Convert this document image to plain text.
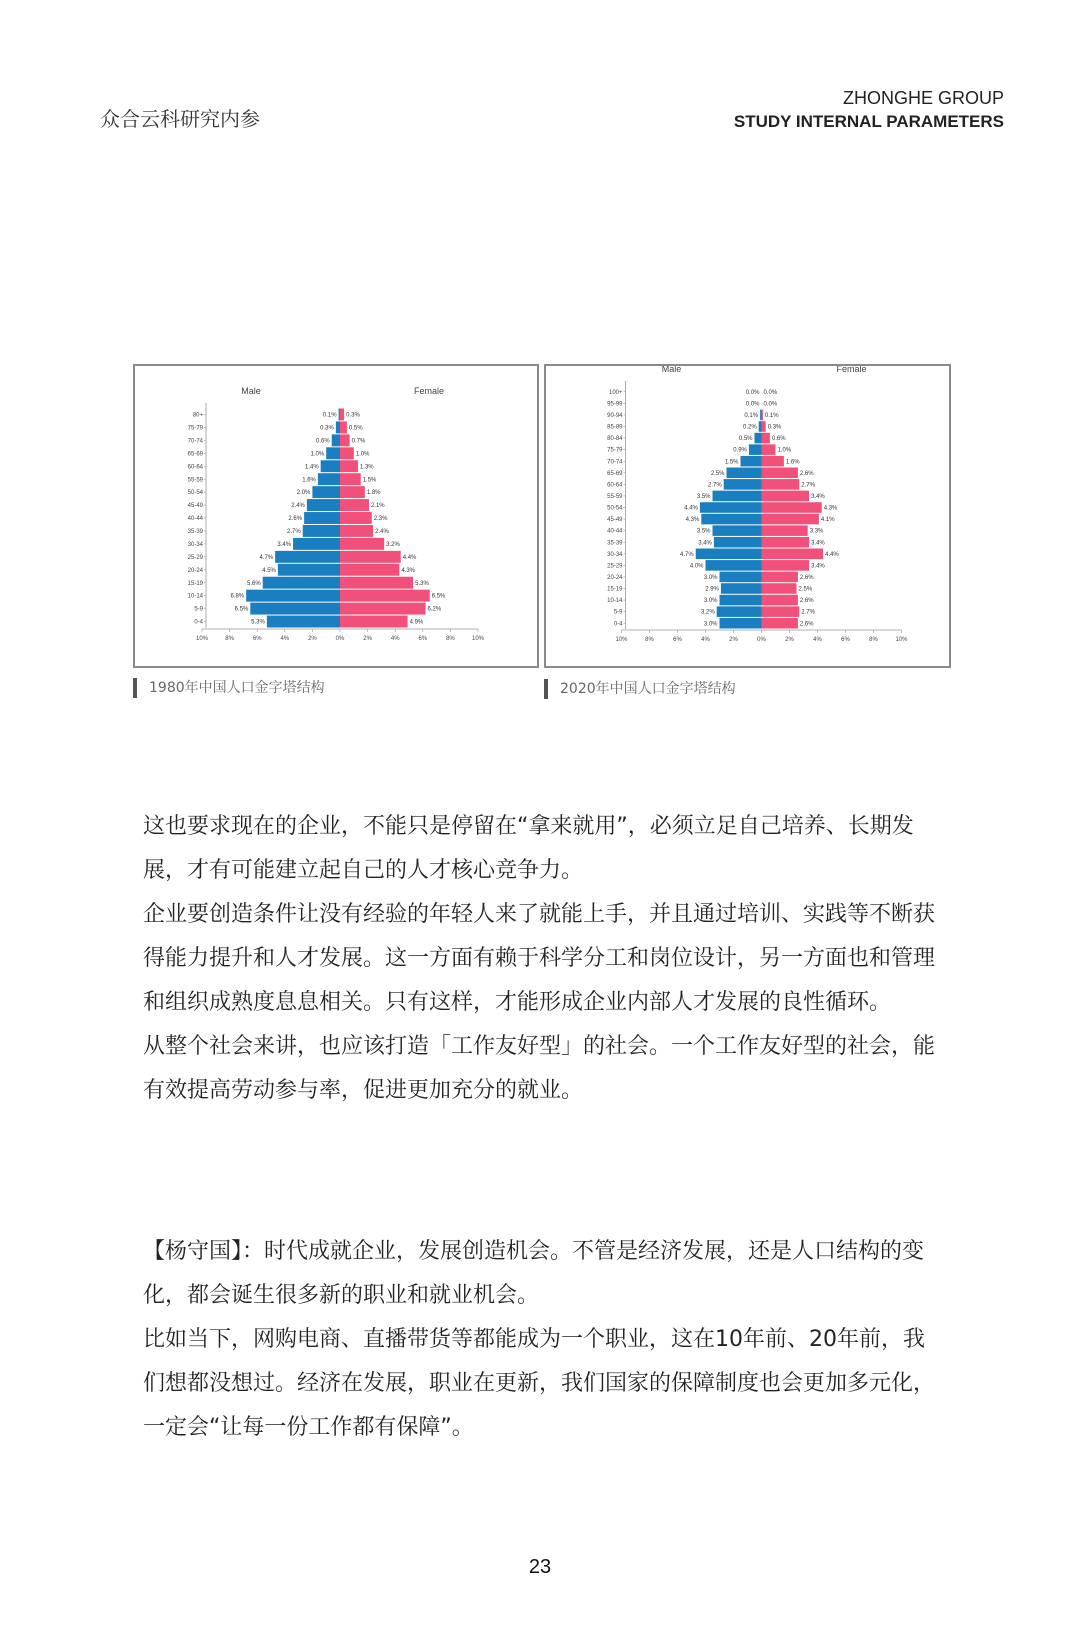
众合云科研究内参
ZHONGHE GROUP
STUDY INTERNAL PARAMETERS
Male	Female
5.3%	4.9%
0-4
6.5%	6.2%
5-9
6.8%	6.5%
10-14
5.6%	5.3%
15-19
4.5%	4.3%
20-24
4.7%	4.4%
25-29
3.4%	3.2%
30-34
2.7%	2.4%
35-39
2.6%	2.3%
40-44
2.4%	2.1%
45-49
2.0%	1.8%
50-54
1.6%	1.5%
55-59
1.4%	1.3%
60-64
1.0%	1.0%
65-69
0.6%	0.7%
70-74
0.3%	0.5%
75-79
0.1% 0.3%
80+
10%	8%	6%	4%	2%	0%	2%	4%	6%	8%	10%
1980年中国人口金字塔结构
Male	Female
3.0%	2.6%
0-4
3.2%	2.7%
5-9
3.0%	2.6%
10-14
2.9%	2.5%
15-19
3.0%	2.6%
20-24
4.0%	3.4%
25-29
4.7%	4.4%
30-34
3.4%	3.4%
35-39
3.5%	3.3%
40-44
4.3%	4.1%
45-49
4.4%	4.3%
50-54
3.5%	3.4%
55-59
2.7%	2.7%
60-64
2.5%	2.6%
65-69
1.5%	1.6%
70-74
0.9%	1.0%
75-79
0.5%	0.6%
80-84
0.2% 0.3%
85-89
0.1% 0.1%
90-94
0.0% 0.0%
95-99
0.0% 0.0%
100+
10%	8%	6%	4%	2%	0%	2%	4%	6%	8%	10%
2020年中国人口金字塔结构

这也要求现在的企业，不能只是停留在“拿来就用”，必须立足自己培养、长期发展，才有可能建立起自己的人才核心竞争力。

企业要创造条件让没有经验的年轻人来了就能上手，并且通过培训、实践等不断获得能力提升和人才发展。这一方面有赖于科学分工和岗位设计，另一方面也和管理和组织成熟度息息相关。只有这样，才能形成企业内部人才发展的良性循环。

从整个社会来讲，也应该打造「工作友好型」的社会。一个工作友好型的社会，能有效提高劳动参与率，促进更加充分的就业。

【杨守国】：时代成就企业，发展创造机会。不管是经济发展，还是人口结构的变化，都会诞生很多新的职业和就业机会。

比如当下，网购电商、直播带货等都能成为一个职业，这在10年前、20年前，我们想都没想过。经济在发展，职业在更新，我们国家的保障制度也会更加多元化，一定会“让每一份工作都有保障”。

23
